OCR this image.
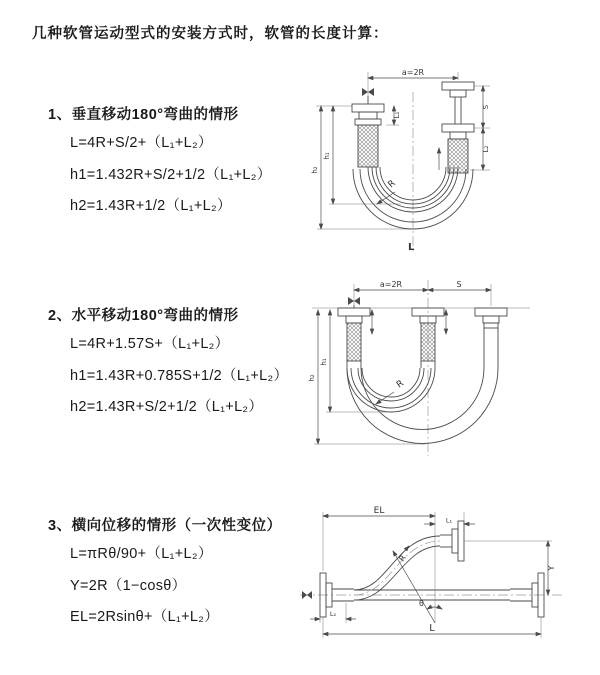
几种软管运动型式的安装方式时，软管的长度计算：
1、垂直移动180°弯曲的情形
L=4R+S/2+（L₁+L₂）
h1=1.432R+S/2+1/2（L₁+L₂）
h2=1.43R+1/2（L₁+L₂）
2、水平移动180°弯曲的情形
L=4R+1.57S+（L₁+L₂）
h1=1.43R+0.785S+1/2（L₁+L₂）
h2=1.43R+S/2+1/2（L₁+L₂）
3、横向位移的情形（一次性变位）
L=πRθ/90+（L₁+L₂）
Y=2R（1−cosθ）
EL=2Rsinθ+（L₁+L₂）
a=2R
L₁
S
L₂
h₂
h₁
R
L
a=2R	S
h₂
h₁
R
θ
R
EL
L₁
Y
L
L₂
